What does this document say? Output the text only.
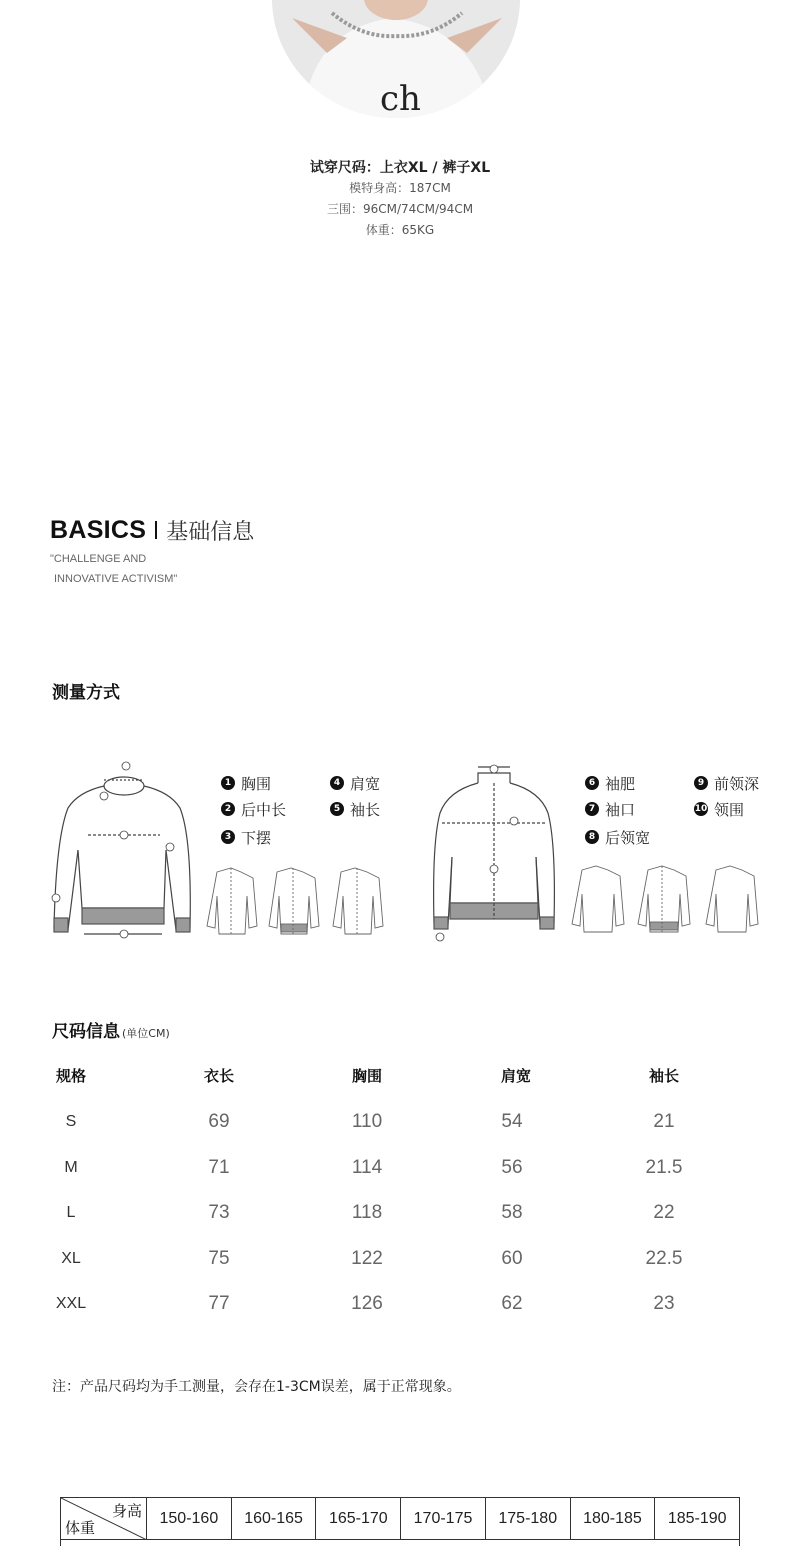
ch
试穿尺码：上衣XL / 裤子XL
模特身高：187CM
三围：96CM/74CM/94CM
体重：65KG
BASICS 基础信息
"CHALLENGE AND
INNOVATIVE ACTIVISM"
测量方式
1 胸围
2 后中长
3 下摆
4 肩宽
5 袖长
6 袖肥
7 袖口
8 后领宽
9 前领深
10 领围
尺码信息 (单位CM)
规格	衣长	胸围	肩宽	袖长
S	69	110	54	21
M	71	114	56	21.5
L	73	118	58	22
XL	75	122	60	22.5
XXL	77	126	62	23
注：产品尺码均为手工测量，会存在1-3CM误差，属于正常现象。
身高
体重
150-160	160-165	165-170	170-175	175-180	180-185	185-190
